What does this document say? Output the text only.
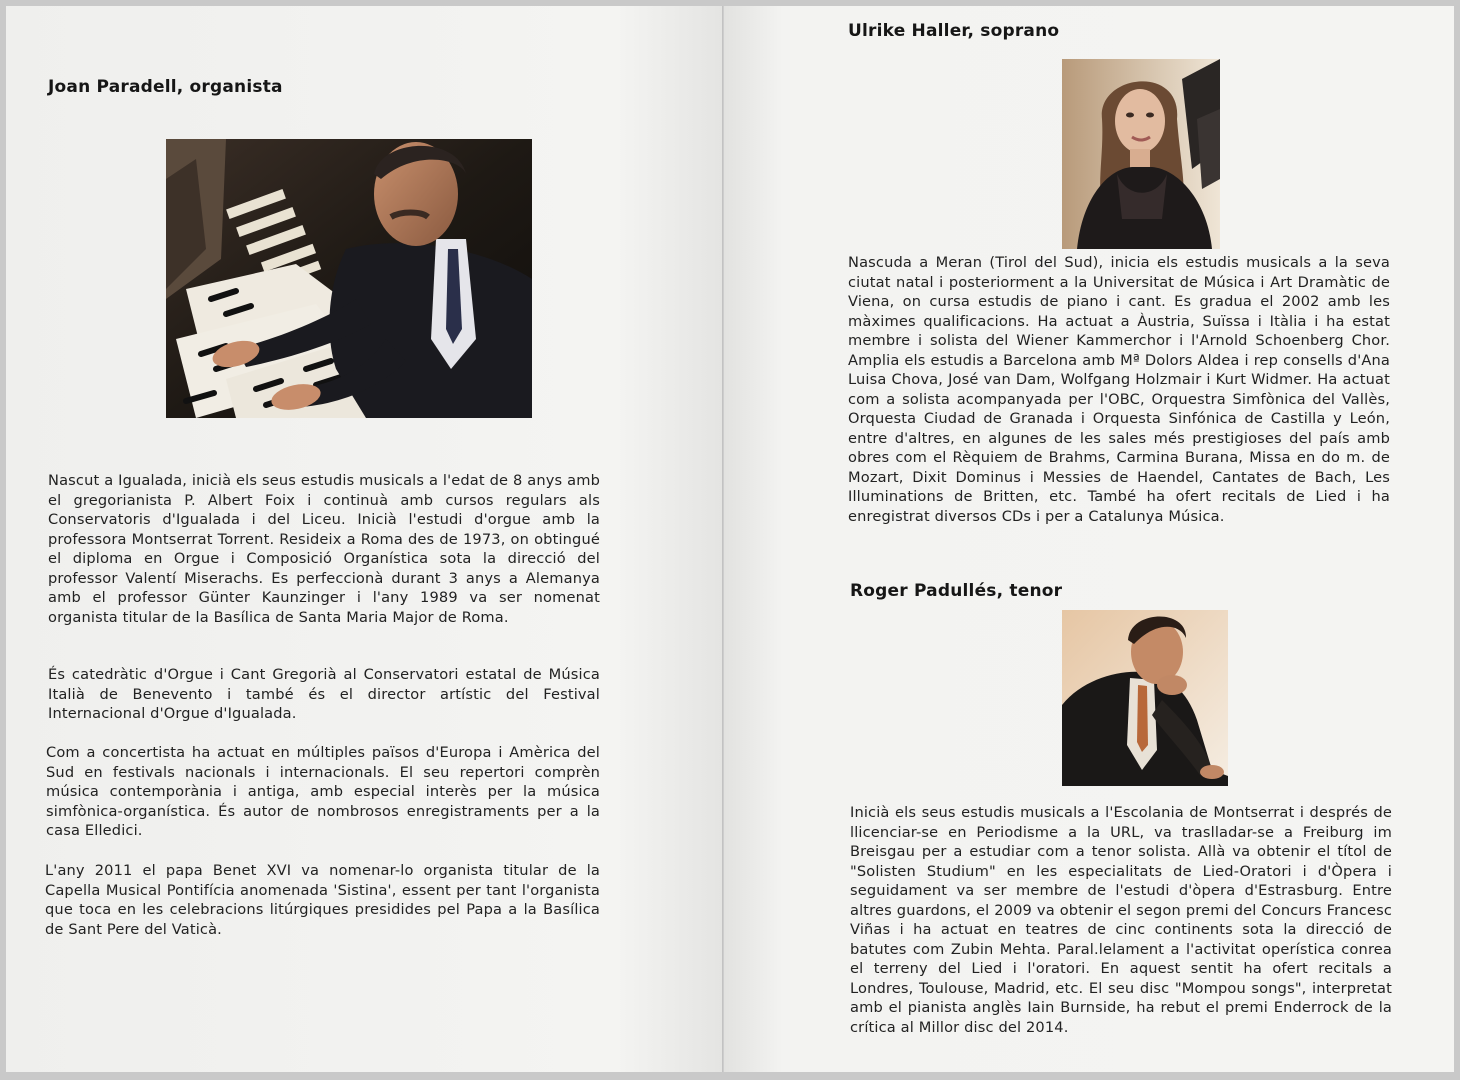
Joan Paradell, organista

Nascut a Igualada, inicià els seus estudis musicals a l'edat de 8 anys amb el gregorianista P. Albert Foix i continuà amb cursos regulars als Conservatoris d'Igualada i del Liceu. Inicià l'estudi d'orgue amb la professora Montserrat Torrent. Resideix a Roma des de 1973, on obtingué el diploma en Orgue i Composició Organística sota la direcció del professor Valentí Miserachs. Es perfeccionà durant 3 anys a Alemanya amb el professor Günter Kaunzinger i l'any 1989 va ser nomenat organista titular de la Basílica de Santa Maria Major de Roma.

És catedràtic d'Orgue i Cant Gregorià al Conservatori estatal de Música Italià de Benevento i també és el director artístic del Festival Internacional d'Orgue d'Igualada.

Com a concertista ha actuat en múltiples països d'Europa i Amèrica del Sud en festivals nacionals i internacionals. El seu repertori comprèn música contemporània i antiga, amb especial interès per la música simfònica-organística. És autor de nombrosos enregistraments per a la casa Elledici.

L'any 2011 el papa Benet XVI va nomenar-lo organista titular de la Capella Musical Pontifícia anomenada 'Sistina', essent per tant l'organista que toca en les celebracions litúrgiques presidides pel Papa a la Basílica de Sant Pere del Vaticà.

Ulrike Haller, soprano

Nascuda a Meran (Tirol del Sud), inicia els estudis musicals a la seva ciutat natal i posteriorment a la Universitat de Música i Art Dramàtic de Viena, on cursa estudis de piano i cant. Es gradua el 2002 amb les màximes qualificacions. Ha actuat a Àustria, Suïssa i Itàlia i ha estat membre i solista del Wiener Kammerchor i l'Arnold Schoenberg Chor. Amplia els estudis a Barcelona amb Mª Dolors Aldea i rep consells d'Ana Luisa Chova, José van Dam, Wolfgang Holzmair i Kurt Widmer. Ha actuat com a solista acompanyada per l'OBC, Orquestra Simfònica del Vallès, Orquesta Ciudad de Granada i Orquesta Sinfónica de Castilla y León, entre d'altres, en algunes de les sales més prestigioses del país amb obres com el Rèquiem de Brahms, Carmina Burana, Missa en do m. de Mozart, Dixit Dominus i Messies de Haendel, Cantates de Bach, Les Illuminations de Britten, etc. També ha ofert recitals de Lied i ha enregistrat diversos CDs i per a Catalunya Música.

Roger Padullés, tenor

Inicià els seus estudis musicals a l'Escolania de Montserrat i després de llicenciar-se en Periodisme a la URL, va traslladar-se a Freiburg im Breisgau per a estudiar com a tenor solista. Allà va obtenir el títol de "Solisten Studium" en les especialitats de Lied-Oratori i d'Òpera i seguidament va ser membre de l'estudi d'òpera d'Estrasburg. Entre altres guardons, el 2009 va obtenir el segon premi del Concurs Francesc Viñas i ha actuat en teatres de cinc continents sota la direcció de batutes com Zubin Mehta. Paral.lelament a l'activitat operística conrea el terreny del Lied i l'oratori. En aquest sentit ha ofert recitals a Londres, Toulouse, Madrid, etc. El seu disc "Mompou songs", interpretat amb el pianista anglès Iain Burnside, ha rebut el premi Enderrock de la crítica al Millor disc del 2014.
